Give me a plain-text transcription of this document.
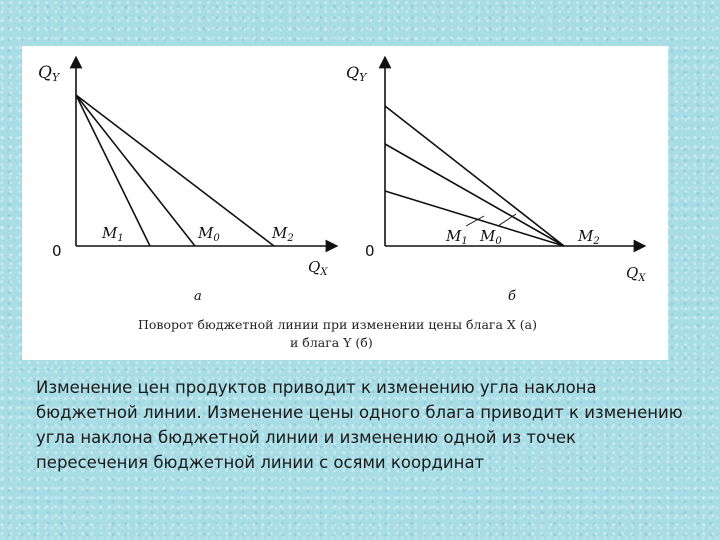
QY
0
$Q_X$
$M_1$	$M_0$	$M_2$
а
QY
0
$Q_X$
$M_1$ $M_0$	$M_2$
б
Поворот бюджетной линии при изменении цены блага X (а)
и блага Y (б)

Изменение цен продуктов приводит к изменению угла наклона
бюджетной линии. Изменение цены одного блага приводит к изменению
угла наклона бюджетной линии и изменению одной из точек
пересечения бюджетной линии с осями координат
